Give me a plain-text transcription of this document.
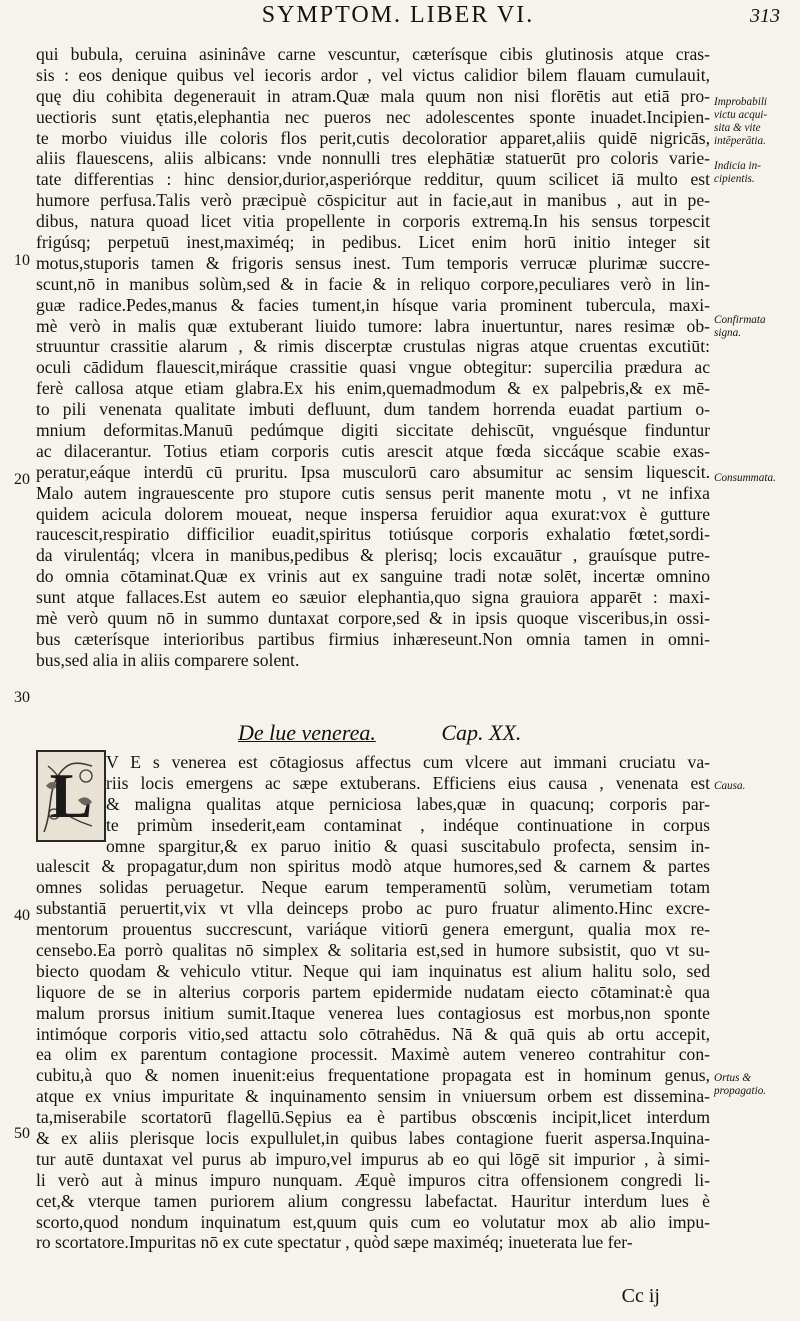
SYMPTOM. LIBER VI.	313
10
20
30
40
50
qui bubula, ceruina asininâve carne vescuntur, cæterísque cibis glutinosis atque cras-
sis : eos denique quibus vel iecoris ardor , vel victus calidior bilem flauam cumulauit,
quę diu cohibita degenerauit in atram.Quæ mala quum non nisi florētis aut etiā pro-
uectioris sunt ętatis,elephantia nec pueros nec adolescentes sponte inuadet.Incipien-
te morbo viuidus ille coloris flos perit,cutis decoloratior apparet,aliis quidē nigricās,
aliis flauescens, aliis albicans: vnde nonnulli tres elephātiæ statuerūt pro coloris varie-
tate differentias : hinc densior,durior,asperiórque redditur, quum scilicet iā multo est
humore perfusa.Talis verò præcipuè cōspicitur aut in facie,aut in manibus , aut in pe-
dibus, natura quoad licet vitia propellente in corporis extremą.In his sensus torpescit
frigúsq; perpetuū inest,maximéq; in pedibus. Licet enim horū initio integer sit
motus,stuporis tamen & frigoris sensus inest. Tum temporis verrucæ plurimæ succre-
scunt,nō in manibus solùm,sed & in facie & in reliquo corpore,peculiares verò in lin-
guæ radice.Pedes,manus & facies tument,in hísque varia prominent tubercula, maxi-
mè verò in malis quæ extuberant liuido tumore: labra inuertuntur, nares resimæ ob-
struuntur crassitie alarum , & rimis discerptæ crustulas nigras atque cruentas excutiūt:
oculi cādidum flauescit,miráque crassitie quasi vngue obtegitur: supercilia prædura ac
ferè callosa atque etiam glabra.Ex his enim,quemadmodum & ex palpebris,& ex mē-
to pili venenata qualitate imbuti defluunt, dum tandem horrenda euadat partium o-
mnium deformitas.Manuū pedúmque digiti siccitate dehiscūt, vnguésque finduntur
ac dilacerantur. Totius etiam corporis cutis arescit atque fœda siccáque scabie exas-
peratur,eáque interdū cū pruritu. Ipsa musculorū caro absumitur ac sensim liquescit.
Malo autem ingrauescente pro stupore cutis sensus perit manente motu , vt ne infixa
quidem acicula dolorem moueat, neque inspersa feruidior aqua exurat:vox è gutture
raucescit,respiratio difficilior euadit,spiritus totiúsque corporis exhalatio fœtet,sordi-
da virulentáq; vlcera in manibus,pedibus & plerisq; locis excauātur , grauísque putre-
do omnia cōtaminat.Quæ ex vrinis aut ex sanguine tradi notæ solēt, incertæ omnino
sunt atque fallaces.Est autem eo sæuior elephantia,quo signa grauiora apparēt : maxi-
mè verò quum nō in summo duntaxat corpore,sed & in ipsis quoque visceribus,in ossi-
bus cæterísque interioribus partibus firmius inhæreseunt.Non omnia tamen in omni-
bus,sed alia in aliis comparere solent.
De lue venerea.	Cap. XX.
L V E s venerea est cōtagiosus affectus cum vlcere aut immani cruciatu va-
riis locis emergens ac sæpe extuberans. Efficiens eius causa , venenata est
& maligna qualitas atque perniciosa labes,quæ in quacunq; corporis par-
te primùm insederit,eam contaminat , indéque continuatione in corpus
omne spargitur,& ex paruo initio & quasi suscitabulo profecta, sensim in-
ualescit & propagatur,dum non spiritus modò atque humores,sed & carnem & partes
omnes solidas peruagetur. Neque earum temperamentū solùm, verumetiam totam
substantiā peruertit,vix vt vlla deinceps probo ac puro fruatur alimento.Hinc excre-
mentorum prouentus succrescunt, variáque vitiorū genera emergunt, qualia mox re-
censebo.Ea porrò qualitas nō simplex & solitaria est,sed in humore subsistit, quo vt su-
biecto quodam & vehiculo vtitur. Neque qui iam inquinatus est alium halitu solo, sed
liquore de se in alterius corporis partem epidermide nudatam eiecto cōtaminat:è qua
malum prorsus initium sumit.Itaque venerea lues contagiosus est morbus,non sponte
intimóque corporis vitio,sed attactu solo cōtrahēdus. Nā & quā quis ab ortu accepit,
ea olim ex parentum contagione processit. Maximè autem venereo contrahitur con-
cubitu,à quo & nomen inuenit:eius frequentatione propagata est in hominum genus,
atque ex vnius impuritate & inquinamento sensim in vniuersum orbem est dissemina-
ta,miserabile scortatorū flagellū.Sępius ea è partibus obscœnis incipit,licet interdum
& ex aliis plerisque locis expullulet,in quibus labes contagione fuerit aspersa.Inquina-
tur autē duntaxat vel purus ab impuro,vel impurus ab eo qui lōgē sit impurior , à simi-
li verò aut à minus impuro nunquam. Æquè impuros citra offensionem congredi li-
cet,& vterque tamen puriorem alium congressu labefactat. Hauritur interdum lues è
scorto,quod nondum inquinatum est,quum quis cum eo volutatur mox ab alio impu-
ro scortatore.Impuritas nō ex cute spectatur , quòd sæpe maximéq; inueterata lue fer-
Improbabili
victu acqui-
sita & vite
intēperātia.
Indicia in-
cipientis.
Confirmata
signa.
Consummata.
Causa.
Ortus &
propagatio.
Cc ij
